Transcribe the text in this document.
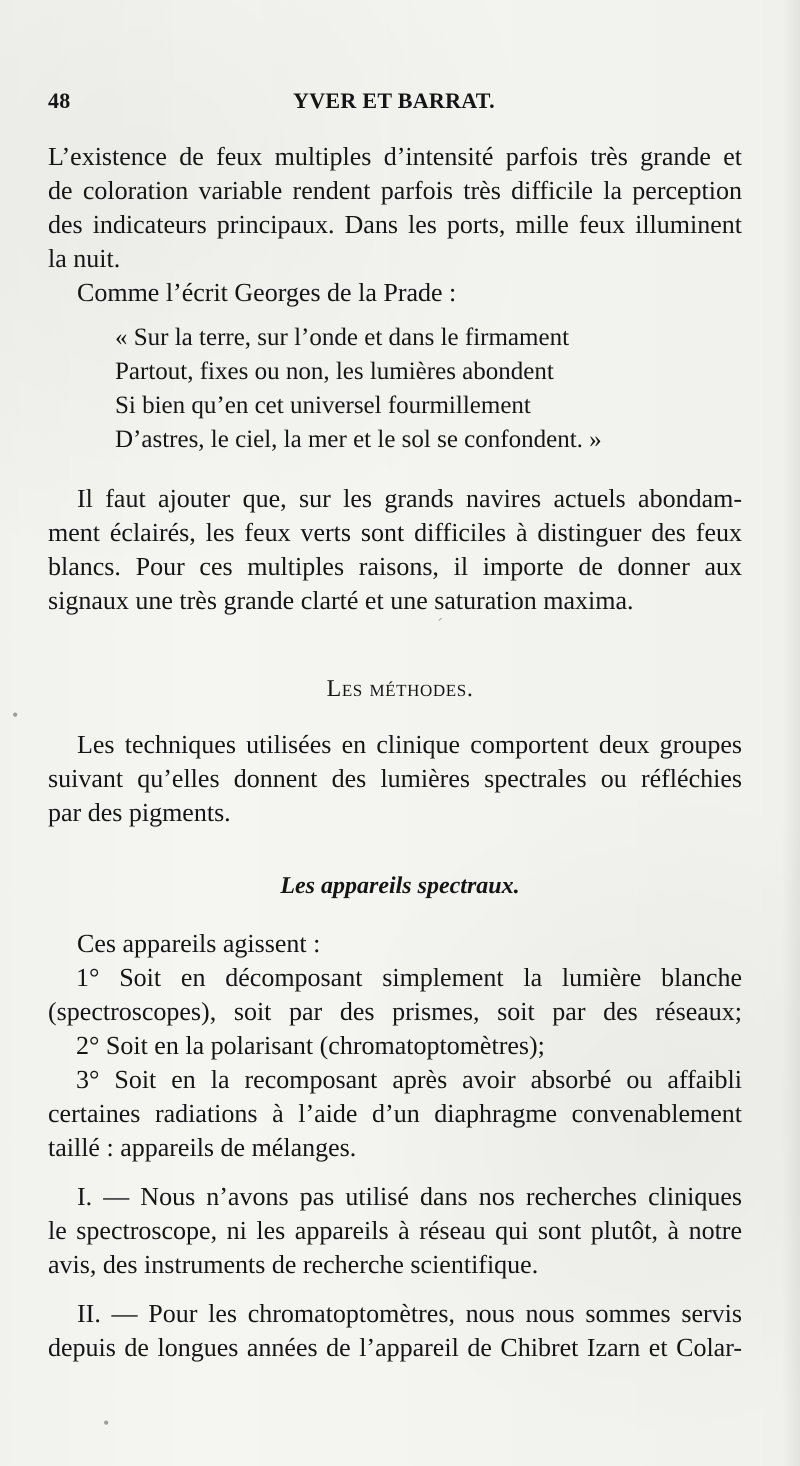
48	YVER ET BARRAT.
L’existence de feux multiples d’intensité parfois très grande et
de coloration variable rendent parfois très difficile la perception
des indicateurs principaux. Dans les ports, mille feux illuminent
la nuit.
Comme l’écrit Georges de la Prade :
« Sur la terre, sur l’onde et dans le firmament
Partout, fixes ou non, les lumières abondent
Si bien qu’en cet universel fourmillement
D’astres, le ciel, la mer et le sol se confondent. »
Il faut ajouter que, sur les grands navires actuels abondam-
ment éclairés, les feux verts sont difficiles à distinguer des feux
blancs. Pour ces multiples raisons, il importe de donner aux
signaux une très grande clarté et une saturation maxima.
Les méthodes.
Les techniques utilisées en clinique comportent deux groupes
suivant qu’elles donnent des lumières spectrales ou réfléchies
par des pigments.
Les appareils spectraux.
Ces appareils agissent :
1° Soit en décomposant simplement la lumière blanche
(spectroscopes), soit par des prismes, soit par des réseaux;
2° Soit en la polarisant (chromatoptomètres);
3° Soit en la recomposant après avoir absorbé ou affaibli
certaines radiations à l’aide d’un diaphragme convenablement
taillé : appareils de mélanges.
I. — Nous n’avons pas utilisé dans nos recherches cliniques
le spectroscope, ni les appareils à réseau qui sont plutôt, à notre
avis, des instruments de recherche scientifique.
II. — Pour les chromatoptomètres, nous nous sommes servis
depuis de longues années de l’appareil de Chibret Izarn et Colar-
•
ˊ
•
